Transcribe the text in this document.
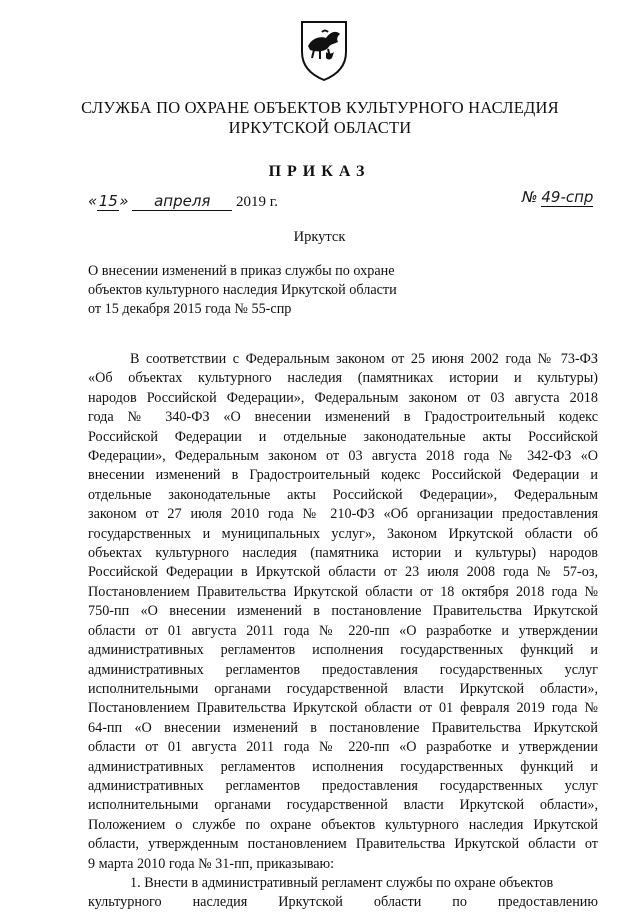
СЛУЖБА ПО ОХРАНЕ ОБЪЕКТОВ КУЛЬТУРНОГО НАСЛЕДИЯ
ИРКУТСКОЙ ОБЛАСТИ
ПРИКАЗ
«15» апреля 2019 г.	№ 49-спр
Иркутск
О внесении изменений в приказ службы по охране
объектов культурного наследия Иркутской области
от 15 декабря 2015 года № 55-спр
В соответствии с Федеральным законом от 25 июня 2002 года № 73-ФЗ
«Об объектах культурного наследия (памятниках истории и культуры)
народов Российской Федерации», Федеральным законом от 03 августа 2018
года № 340-ФЗ «О внесении изменений в Градостроительный кодекс
Российской Федерации и отдельные законодательные акты Российской
Федерации», Федеральным законом от 03 августа 2018 года № 342-ФЗ «О
внесении изменений в Градостроительный кодекс Российской Федерации и
отдельные законодательные акты Российской Федерации», Федеральным
законом от 27 июля 2010 года № 210-ФЗ «Об организации предоставления
государственных и муниципальных услуг», Законом Иркутской области об
объектах культурного наследия (памятника истории и культуры) народов
Российской Федерации в Иркутской области от 23 июля 2008 года № 57-оз,
Постановлением Правительства Иркутской области от 18 октября 2018 года №
750-пп «О внесении изменений в постановление Правительства Иркутской
области от 01 августа 2011 года № 220-пп «О разработке и утверждении
административных регламентов исполнения государственных функций и
административных регламентов предоставления государственных услуг
исполнительными органами государственной власти Иркутской области»,
Постановлением Правительства Иркутской области от 01 февраля 2019 года №
64-пп «О внесении изменений в постановление Правительства Иркутской
области от 01 августа 2011 года № 220-пп «О разработке и утверждении
административных регламентов исполнения государственных функций и
административных регламентов предоставления государственных услуг
исполнительными органами государственной власти Иркутской области»,
Положением о службе по охране объектов культурного наследия Иркутской
области, утвержденным постановлением Правительства Иркутской области от
9 марта 2010 года № 31-пп, приказываю:
1. Внести в административный регламент службы по охране объектов
культурного наследия Иркутской области по предоставлению
